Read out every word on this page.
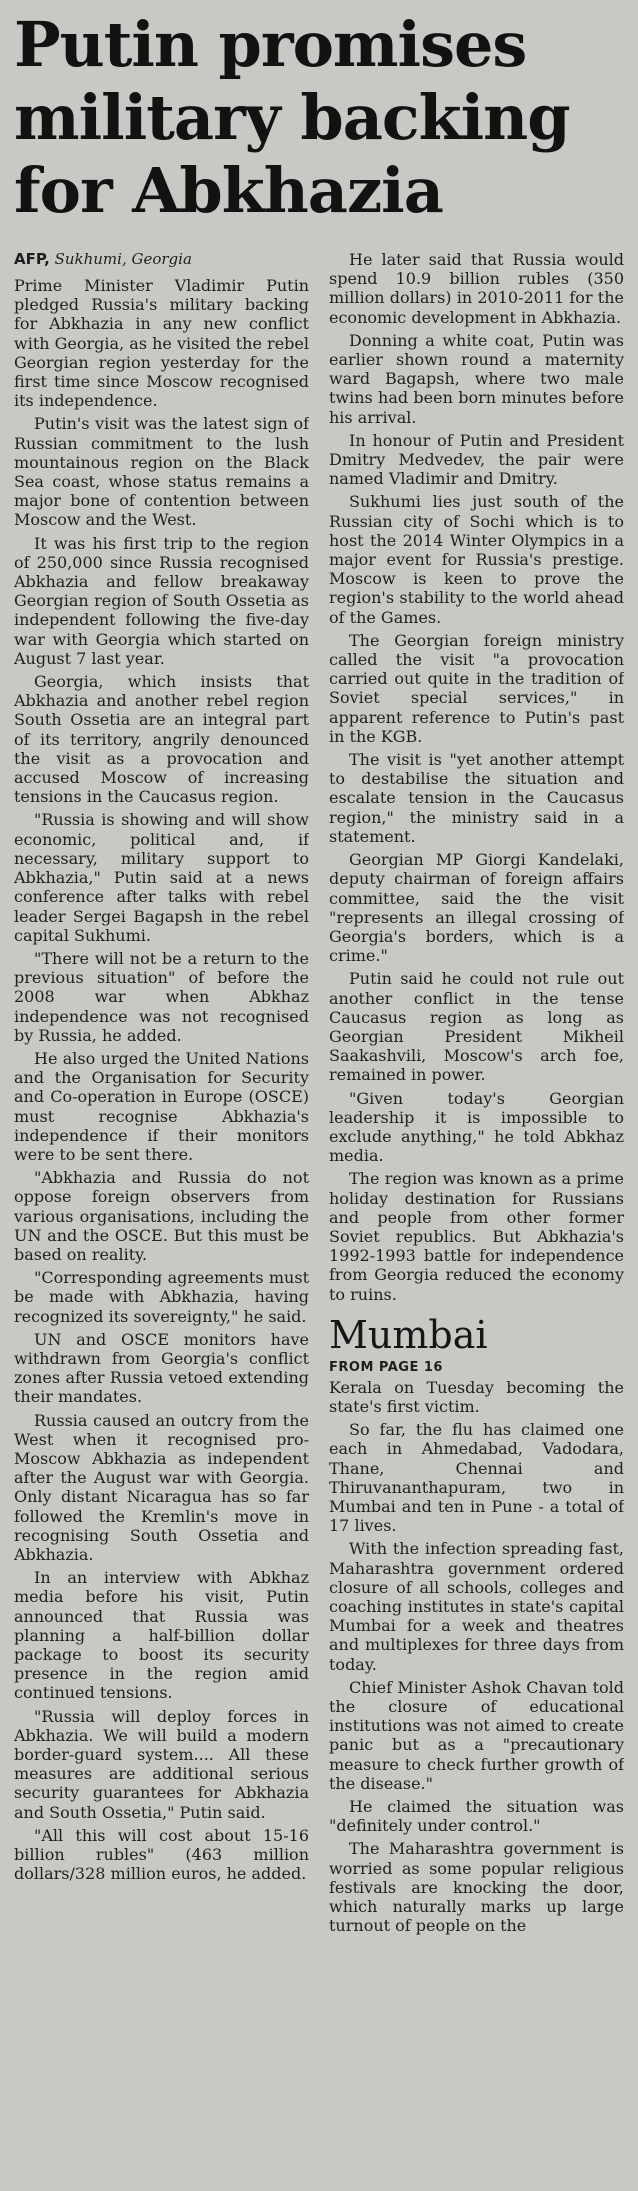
Putin promises
military backing
for Abkhazia
AFP, Sukhumi, Georgia

Prime Minister Vladimir Putin pledged Russia's military backing for Abkhazia in any new conflict with Georgia, as he visited the rebel Georgian region yesterday for the first time since Moscow recognised its independence.

Putin's visit was the latest sign of Russian commitment to the lush mountainous region on the Black Sea coast, whose status remains a major bone of contention between Moscow and the West.

It was his first trip to the region of 250,000 since Russia recognised Abkhazia and fellow breakaway Georgian region of South Ossetia as independent following the five-day war with Georgia which started on August 7 last year.

Georgia, which insists that Abkhazia and another rebel region South Ossetia are an integral part of its territory, angrily denounced the visit as a provocation and accused Moscow of increasing tensions in the Caucasus region.

"Russia is showing and will show economic, political and, if necessary, military support to Abkhazia," Putin said at a news conference after talks with rebel leader Sergei Bagapsh in the rebel capital Sukhumi.

"There will not be a return to the previous situation" of before the 2008 war when Abkhaz independence was not recognised by Russia, he added.

He also urged the United Nations and the Organisation for Security and Co-operation in Europe (OSCE) must recognise Abkhazia's independence if their monitors were to be sent there.

"Abkhazia and Russia do not oppose foreign observers from various organisations, including the UN and the OSCE. But this must be based on reality.

"Corresponding agreements must be made with Abkhazia, having recognized its sovereignty," he said.

UN and OSCE monitors have withdrawn from Georgia's conflict zones after Russia vetoed extending their mandates.

Russia caused an outcry from the West when it recognised pro-Moscow Abkhazia as independent after the August war with Georgia. Only distant Nicaragua has so far followed the Kremlin's move in recognising South Ossetia and Abkhazia.

In an interview with Abkhaz media before his visit, Putin announced that Russia was planning a half-billion dollar package to boost its security presence in the region amid continued tensions.

"Russia will deploy forces in Abkhazia. We will build a modern border-guard system.... All these measures are additional serious security guarantees for Abkhazia and South Ossetia," Putin said.

"All this will cost about 15-16 billion rubles" (463 million dollars/328 million euros, he added.

He later said that Russia would spend 10.9 billion rubles (350 million dollars) in 2010-2011 for the economic development in Abkhazia.

Donning a white coat, Putin was earlier shown round a maternity ward Bagapsh, where two male twins had been born minutes before his arrival.

In honour of Putin and President Dmitry Medvedev, the pair were named Vladimir and Dmitry.

Sukhumi lies just south of the Russian city of Sochi which is to host the 2014 Winter Olympics in a major event for Russia's prestige. Moscow is keen to prove the region's stability to the world ahead of the Games.

The Georgian foreign ministry called the visit "a provocation carried out quite in the tradition of Soviet special services," in apparent reference to Putin's past in the KGB.

The visit is "yet another attempt to destabilise the situation and escalate tension in the Caucasus region," the ministry said in a statement.

Georgian MP Giorgi Kandelaki, deputy chairman of foreign affairs committee, said the the visit "represents an illegal crossing of Georgia's borders, which is a crime."

Putin said he could not rule out another conflict in the tense Caucasus region as long as Georgian President Mikheil Saakashvili, Moscow's arch foe, remained in power.

"Given today's Georgian leadership it is impossible to exclude anything," he told Abkhaz media.

The region was known as a prime holiday destination for Russians and people from other former Soviet republics. But Abkhazia's 1992-1993 battle for independence from Georgia reduced the economy to ruins.

Mumbai
FROM PAGE 16

Kerala on Tuesday becoming the state's first victim.

So far, the flu has claimed one each in Ahmedabad, Vadodara, Thane, Chennai and Thiruvananthapuram, two in Mumbai and ten in Pune - a total of 17 lives.

With the infection spreading fast, Maharashtra government ordered closure of all schools, colleges and coaching institutes in state's capital Mumbai for a week and theatres and multiplexes for three days from today.

Chief Minister Ashok Chavan told the closure of educational institutions was not aimed to create panic but as a "precautionary measure to check further growth of the disease."

He claimed the situation was "definitely under control."

The Maharashtra government is worried as some popular religious festivals are knocking the door, which naturally marks up large turnout of people on the
